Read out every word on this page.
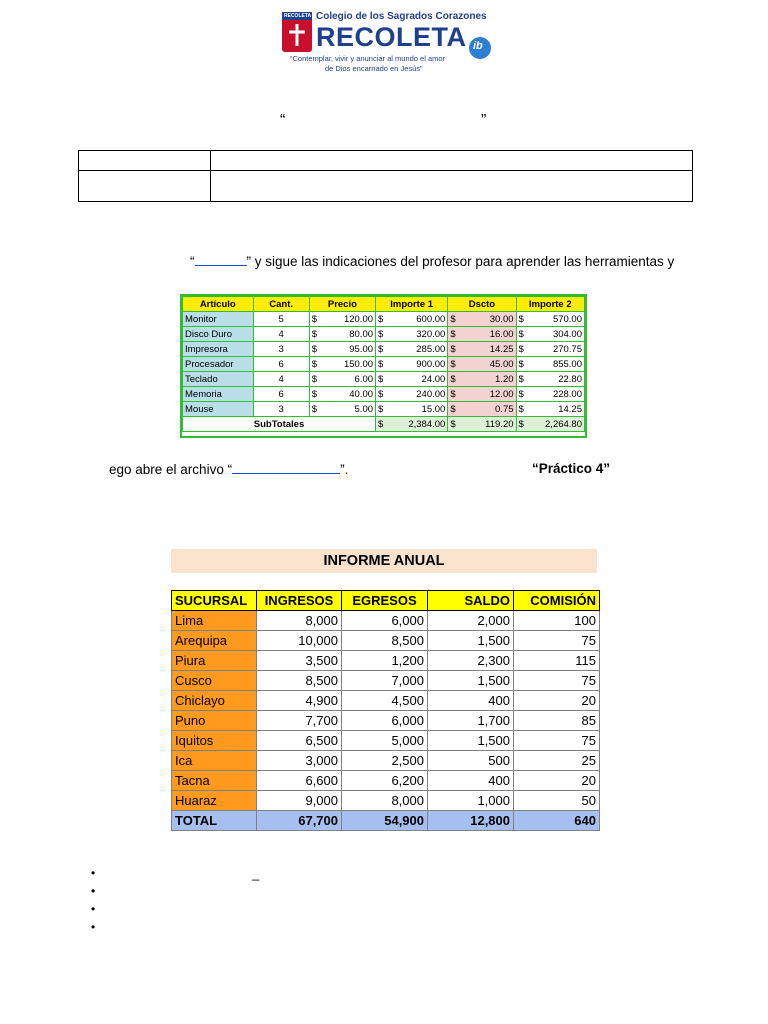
RECOLETA
ib
Colegio de los Sagrados Corazones
RECOLETA
“Contemplar, vivir y anunciar al mundo el amor
de Dios encarnado en Jesús”
“	”

“	” y sigue las indicaciones del profesor para aprender las herramientas y
Artículo	Cant.	Precio	Importe 1	Dscto	Importe 2
Monitor	5	$ 120.00	$ 600.00	$ 30.00	$ 570.00

Disco Duro	4	$ 80.00	$ 320.00	$ 16.00	$ 304.00

Impresora	3	$ 95.00	$ 285.00	$ 14.25	$ 270.75

Procesador	6	$ 150.00	$ 900.00	$ 45.00	$ 855.00

Teclado	4	$ 6.00	$ 24.00	$ 1.20	$ 22.80

Memoria	6	$ 40.00	$ 240.00	$ 12.00	$ 228.00

Mouse	3	$ 5.00	$ 15.00	$ 0.75	$ 14.25

SubTotales			$ 2,384.00	$ 119.20	$ 2,264.80
ego abre el archivo “	”.	“Práctico 4”
INFORME ANUAL
SUCURSAL	INGRESOS	EGRESOS	SALDO	COMISIÓN
Lima	8,000	6,000	2,000	100
Arequipa	10,000	8,500	1,500	75
Piura	3,500	1,200	2,300	115
Cusco	8,500	7,000	1,500	75
Chiclayo	4,900	4,500	400	20
Puno	7,700	6,000	1,700	85
Iquitos	6,500	5,000	1,500	75
Ica	3,000	2,500	500	25
Tacna	6,600	6,200	400	20
Huaraz	9,000	8,000	1,000	50
TOTAL	67,700	54,900	12,800	640
•
•
•
•
_
